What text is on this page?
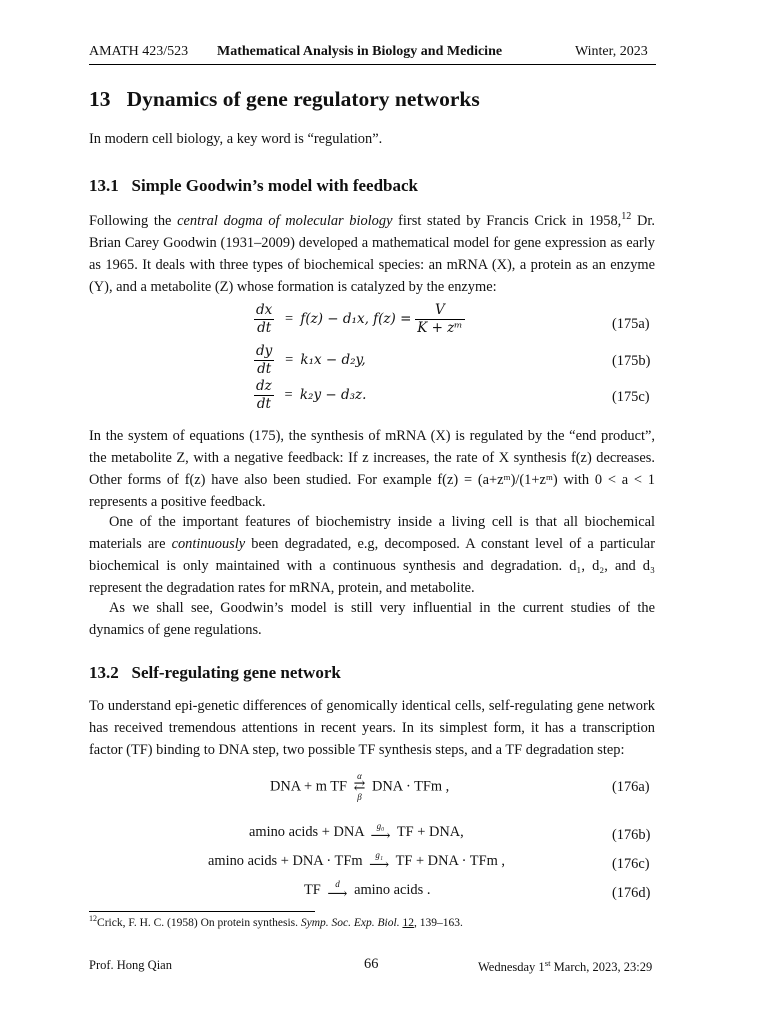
AMATH 423/523 Mathematical Analysis in Biology and Medicine	Winter, 2023
13 Dynamics of gene regulatory networks

In modern cell biology, a key word is “regulation”.

13.1 Simple Goodwin’s model with feedback

Following the central dogma of molecular biology first stated by Francis Crick in 1958,12 Dr. Brian Carey Goodwin (1931–2009) developed a mathematical model for gene expression as early as 1965. It deals with three types of biochemical species: an mRNA (X), a protein as an enzyme (Y), and a metabolite (Z) whose formation is catalyzed by the enzyme:

$\frac{dx}{dt} = f(z) - d_1x$, $f(z) = \frac{V}{\text{K + zᵐ}}$	(175a)
$\frac{dy}{dt} = k_1x - d_2y$,	(175b)
$\frac{dz}{dt} = k_2y - d_3z$.	(175c)

In the system of equations (175), the synthesis of mRNA (X) is regulated by the “end product”, the metabolite Z, with a negative feedback: If z increases, the rate of X synthesis f(z) decreases. Other forms of f(z) have also been studied. For example f(z) = (a+zᵐ)/(1+zᵐ) with 0 < a < 1 represents a positive feedback.

One of the important features of biochemistry inside a living cell is that all biochemical materials are continuously been degradated, e.g, decomposed. A constant level of a particular biochemical is only maintained with a continuous synthesis and degradation. d₁, d₂, and d₃ represent the degradation rates for mRNA, protein, and metabolite.

As we shall see, Goodwin’s model is still very influential in the current studies of the dynamics of gene regulations.

13.2 Self-regulating gene network

To understand epi-genetic differences of genomically identical cells, self-regulating gene network has received tremendous attentions in recent years. In its simplest form, it has a transcription factor (TF) binding to DNA step, two possible TF synthesis steps, and a TF degradation step:

DNA + m TF
α
⇄
β
DNA · TFm ,	(176a)
amino acids + DNA g₀
⟶ TF + DNA,	(176b)
amino acids + DNA · TFm g₁
⟶ TF + DNA · TFm ,	(176c)
TF d
⟶ amino acids .	(176d)
$^{12}$Crick, F. H. C. (1958) On protein synthesis. Symp. Soc. Exp. Biol. 12, 139–163.
Prof. Hong Qian	66	Wednesday 1st March, 2023, 23:29
